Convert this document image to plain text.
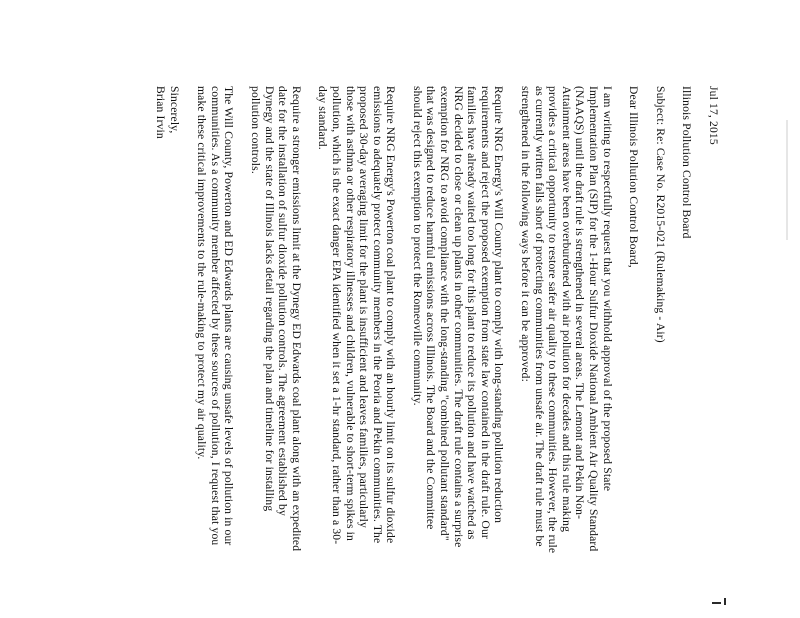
Jul 17, 2015

Illinois Pollution Control Board

Subject: Re: Case No. R2015-021 (Rulemaking - Air)

Dear Illinois Pollution Control Board,

I am writing to respectfully request that you withhold approval of the proposed State Implementation Plan (SIP) for the 1-Hour Sulfur Dioxide National Ambient Air Quality Standard (NAAQS) until the draft rule is strengthened in several areas. The Lemont and Pekin Non-Attainment areas have been overburdened with air pollution for decades and this rule making provides a critical opportunity to restore safer air quality to these communities. However, the rule as currently written falls short of protecting communities from unsafe air. The draft rule must be strengthened in the following ways before it can be approved:

Require NRG Energy's Will County plant to comply with long-standing pollution reduction requirements and reject the proposed exemption from state law contained in the draft rule. Our families have already waited too long for this plant to reduce its pollution and have watched as NRG decided to close or clean up plants in other communities. The draft rule contains a surprise exemption for NRG to avoid compliance with the long-standing "combined pollutant standard" that was designed to reduce harmful emissions across Illinois. The Board and the Committee should reject this exemption to protect the Romeoville community.

Require NRG Energy's Powerton coal plant to comply with an hourly limit on its sulfur dioxide emissions to adequately protect community members in the Peoria and Pekin communities. The proposed 30-day averaging limit for the plant is insufficient and leaves families, particularly those with asthma or other respiratory illnesses and children, vulnerable to short-term spikes in pollution, which is the exact danger EPA identified when it set a 1-hr standard, rather than a 30-day standard.

Require a stronger emissions limit at the Dynegy ED Edwards coal plant along with an expedited date for the installation of sulfur dioxide pollution controls. The agreement established by Dynegy and the state of Illinois lacks detail regarding the plan and timeline for installing pollution controls.

The Will County, Powerton and ED Edwards plants are causing unsafe levels of pollution in our communities. As a community member affected by these sources of pollution, I request that you make these critical improvements to the rule-making to protect my air quality.

Sincerely,

Brian Irvin
